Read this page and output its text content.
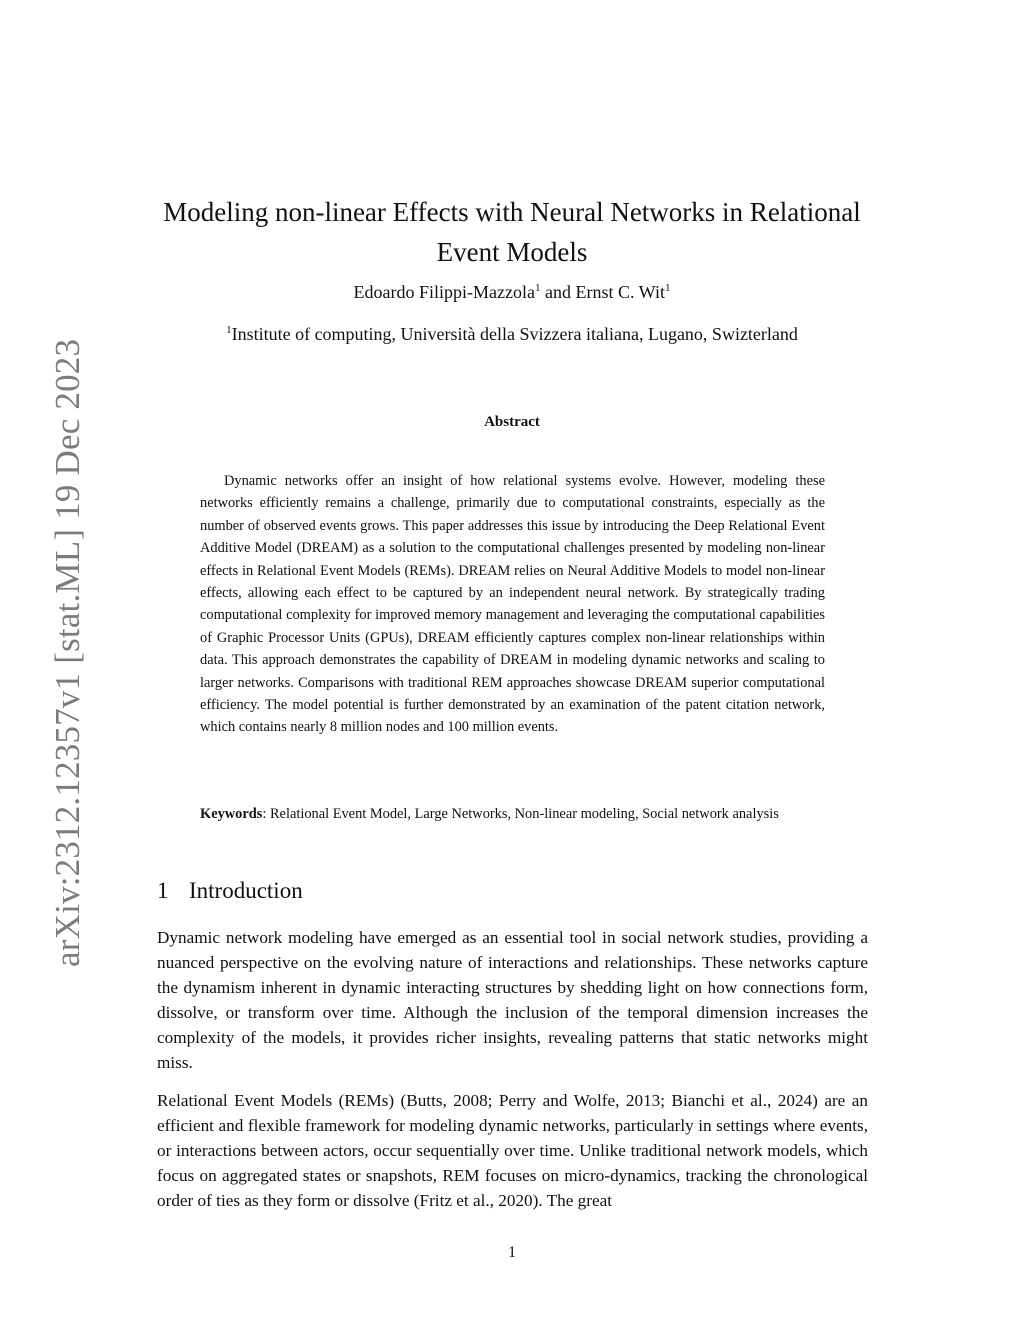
arXiv:2312.12357v1 [stat.ML] 19 Dec 2023
Modeling non-linear Effects with Neural Networks in Relational Event Models
Edoardo Filippi-Mazzola$^1$ and Ernst C. Wit$^1$
$^1$Institute of computing, Università della Svizzera italiana, Lugano, Swizterland
Abstract

Dynamic networks offer an insight of how relational systems evolve. However, modeling these networks efficiently remains a challenge, primarily due to computational constraints, especially as the number of observed events grows. This paper addresses this issue by introducing the Deep Relational Event Additive Model (DREAM) as a solution to the computational challenges presented by modeling non-linear effects in Relational Event Models (REMs). DREAM relies on Neural Additive Models to model non-linear effects, allowing each effect to be captured by an independent neural network. By strategically trading computational complexity for improved memory management and leveraging the computational capabilities of Graphic Processor Units (GPUs), DREAM efficiently captures complex non-linear relationships within data. This approach demonstrates the capability of DREAM in modeling dynamic networks and scaling to larger networks. Comparisons with traditional REM approaches showcase DREAM superior computational efficiency. The model potential is further demonstrated by an examination of the patent citation network, which contains nearly 8 million nodes and 100 million events.

Keywords: Relational Event Model, Large Networks, Non-linear modeling, Social network analysis

1 Introduction

Dynamic network modeling have emerged as an essential tool in social network studies, providing a nuanced perspective on the evolving nature of interactions and relationships. These networks capture the dynamism inherent in dynamic interacting structures by shedding light on how connections form, dissolve, or transform over time. Although the inclusion of the temporal dimension increases the complexity of the models, it provides richer insights, revealing patterns that static networks might miss.

Relational Event Models (REMs) (Butts, 2008; Perry and Wolfe, 2013; Bianchi et al., 2024) are an efficient and flexible framework for modeling dynamic networks, particularly in settings where events, or interactions between actors, occur sequentially over time. Unlike traditional network models, which focus on aggregated states or snapshots, REM focuses on micro-dynamics, tracking the chronological order of ties as they form or dissolve (Fritz et al., 2020). The great

1
